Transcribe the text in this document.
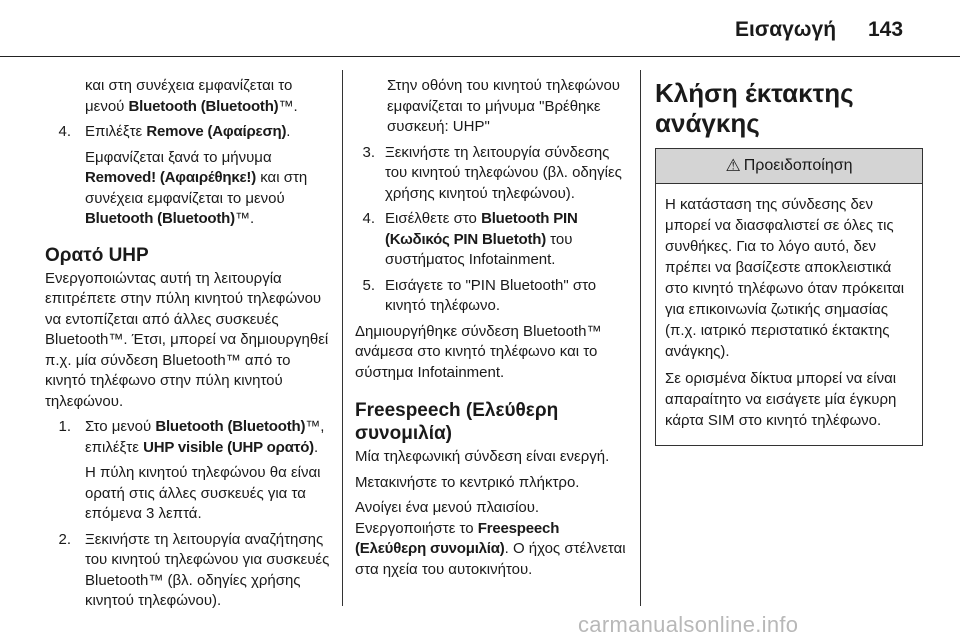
Εισαγωγή 143
και στη συνέχεια εμφανίζεται το μενού Bluetooth (Bluetooth)™.
4. Επιλέξτε Remove (Αφαίρεση).
Εμφανίζεται ξανά το μήνυμα Removed! (Αφαιρέθηκε!) και στη συνέχεια εμφανίζεται το μενού Bluetooth (Bluetooth)™.
Ορατό UHP
Ενεργοποιώντας αυτή τη λειτουργία επιτρέπετε στην πύλη κινητού τηλεφώνου να εντοπίζεται από άλλες συσκευές Bluetooth™. Έτσι, μπορεί να δημιουργηθεί π.χ. μία σύνδεση Bluetooth™ από το κινητό τηλέφωνο στην πύλη κινητού τηλεφώνου.
1. Στο μενού Bluetooth (Bluetooth)™, επιλέξτε UHP visible (UHP ορατό).
Η πύλη κινητού τηλεφώνου θα είναι ορατή στις άλλες συσκευές για τα επόμενα 3 λεπτά.
2. Ξεκινήστε τη λειτουργία αναζήτησης του κινητού τηλεφώνου για συσκευές Bluetooth™ (βλ. οδηγίες χρήσης κινητού τηλεφώνου).
Στην οθόνη του κινητού τηλεφώνου εμφανίζεται το μήνυμα "Βρέθηκε συσκευή: UHP"
3. Ξεκινήστε τη λειτουργία σύνδεσης του κινητού τηλεφώνου (βλ. οδηγίες χρήσης κινητού τηλεφώνου).
4. Εισέλθετε στο Bluetooth PIN (Κωδικός PIN Bluetoth) του συστήματος Infotainment.
5. Εισάγετε το "PIN Bluetooth" στο κινητό τηλέφωνο.
Δημιουργήθηκε σύνδεση Bluetooth™ ανάμεσα στο κινητό τηλέφωνο και το σύστημα Infotainment.
Freespeech (Ελεύθερη συνομιλία)
Μία τηλεφωνική σύνδεση είναι ενεργή.
Μετακινήστε το κεντρικό πλήκτρο.
Ανοίγει ένα μενού πλαισίου. Ενεργοποιήστε το Freespeech (Ελεύθερη συνομιλία). Ο ήχος στέλνεται στα ηχεία του αυτοκινήτου.
Κλήση έκτακτης ανάγκης
⚠ Προειδοποίηση
Η κατάσταση της σύνδεσης δεν μπορεί να διασφαλιστεί σε όλες τις συνθήκες. Για το λόγο αυτό, δεν πρέπει να βασίζεστε αποκλειστικά στο κινητό τηλέφωνο όταν πρόκειται για επικοινωνία ζωτικής σημασίας (π.χ. ιατρικό περιστατικό έκτακτης ανάγκης).
Σε ορισμένα δίκτυα μπορεί να είναι απαραίτητο να εισάγετε μία έγκυρη κάρτα SIM στο κινητό τηλέφωνο.
carmanualsonline.info
